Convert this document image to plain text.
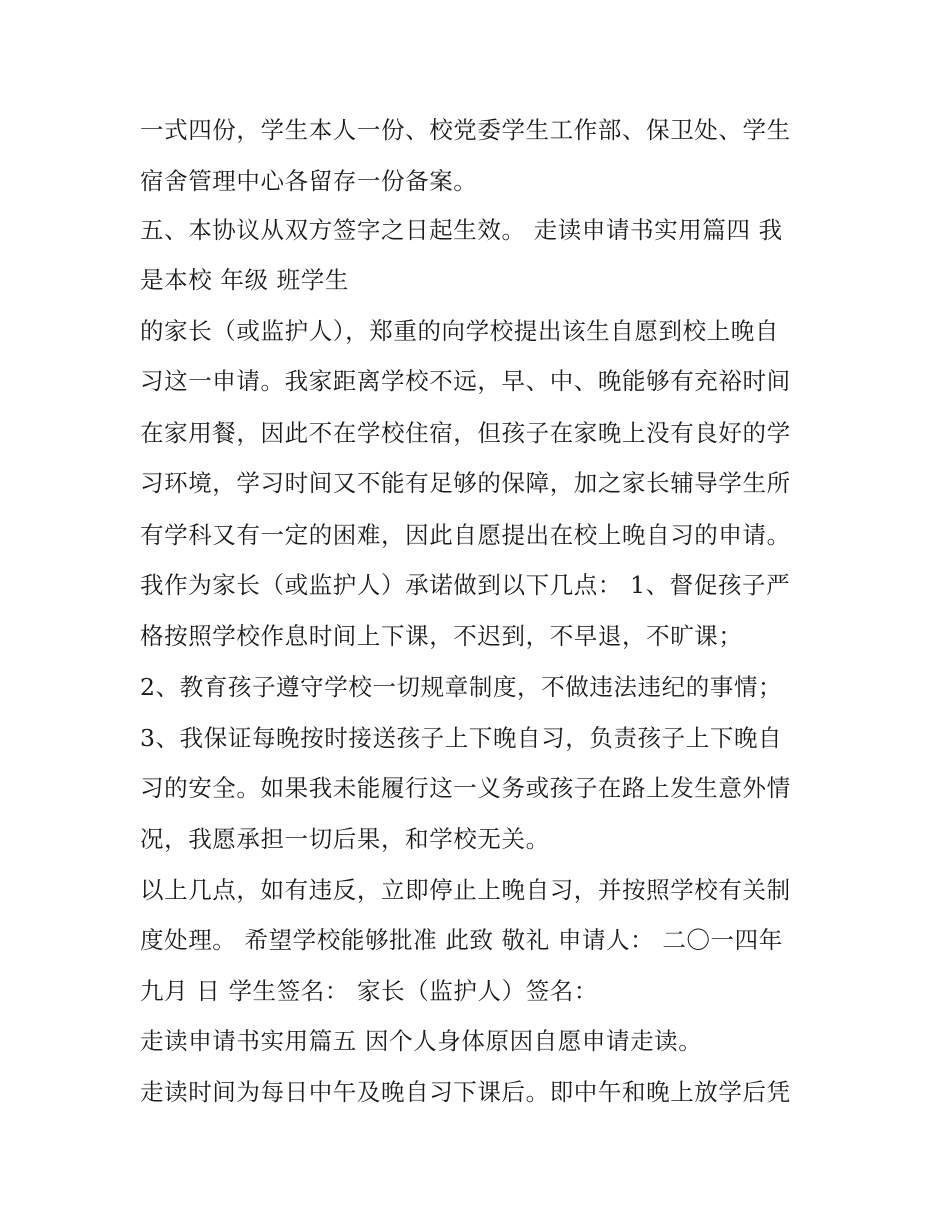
一式四份，学生本人一份、校党委学生工作部、保卫处、学生

宿舍管理中心各留存一份备案。

五、本协议从双方签字之日起生效。 走读申请书实用篇四 我

是本校 年级 班学生

的家长（或监护人），郑重的向学校提出该生自愿到校上晚自

习这一申请。我家距离学校不远，早、中、晚能够有充裕时间

在家用餐，因此不在学校住宿，但孩子在家晚上没有良好的学

习环境，学习时间又不能有足够的保障，加之家长辅导学生所

有学科又有一定的困难，因此自愿提出在校上晚自习的申请。

我作为家长（或监护人）承诺做到以下几点： 1、督促孩子严

格按照学校作息时间上下课，不迟到，不早退，不旷课；

2、教育孩子遵守学校一切规章制度，不做违法违纪的事情；

3、我保证每晚按时接送孩子上下晚自习，负责孩子上下晚自

习的安全。如果我未能履行这一义务或孩子在路上发生意外情

况，我愿承担一切后果，和学校无关。

以上几点，如有违反，立即停止上晚自习，并按照学校有关制

度处理。 希望学校能够批准 此致 敬礼 申请人： 二〇一四年

九月 日 学生签名： 家长（监护人）签名：

走读申请书实用篇五 因个人身体原因自愿申请走读。

走读时间为每日中午及晚自习下课后。即中午和晚上放学后凭
